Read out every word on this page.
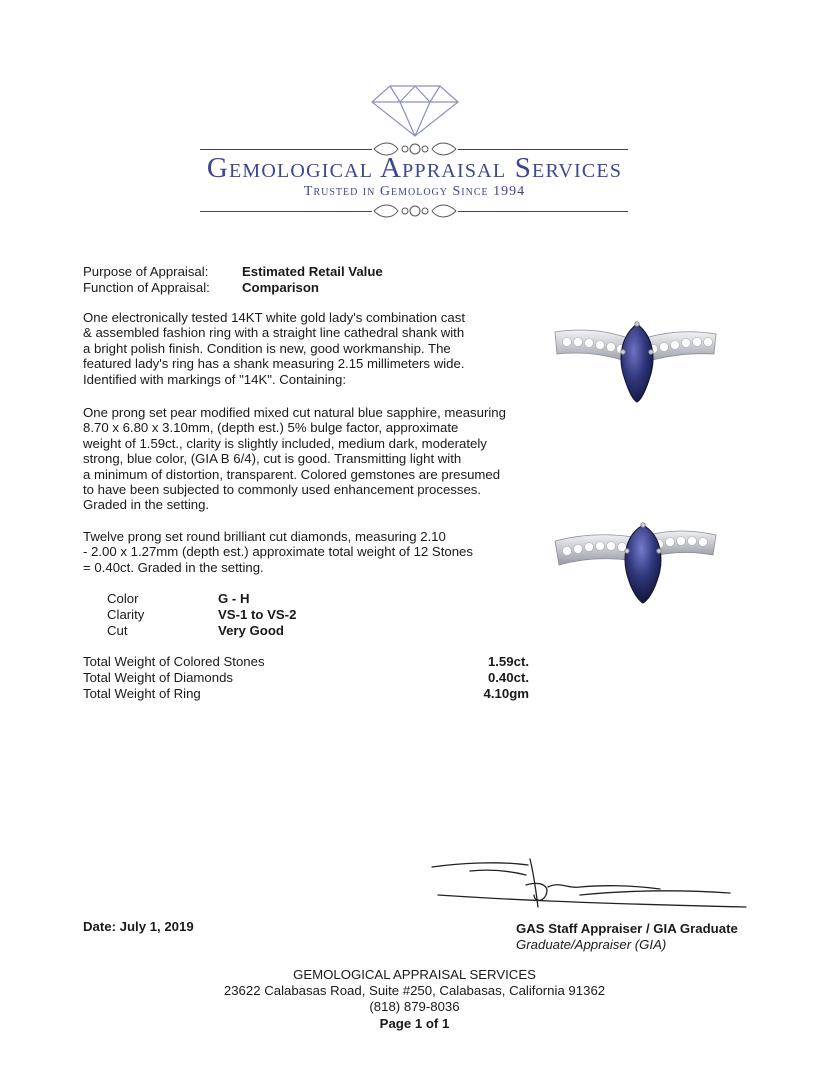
Gemological Appraisal Services
Trusted in Gemology Since 1994
Purpose of Appraisal:	Estimated Retail Value
Function of Appraisal: Comparison
One electronically tested 14KT white gold lady's combination cast
& assembled fashion ring with a straight line cathedral shank with
a bright polish finish. Condition is new, good workmanship. The
featured lady's ring has a shank measuring 2.15 millimeters wide.
Identified with markings of "14K". Containing:
One prong set pear modified mixed cut natural blue sapphire, measuring
8.70 x 6.80 x 3.10mm, (depth est.) 5% bulge factor, approximate
weight of 1.59ct., clarity is slightly included, medium dark, moderately
strong, blue color, (GIA B 6/4), cut is good. Transmitting light with
a minimum of distortion, transparent. Colored gemstones are presumed
to have been subjected to commonly used enhancement processes.
Graded in the setting.
Twelve prong set round brilliant cut diamonds, measuring 2.10
- 2.00 x 1.27mm (depth est.) approximate total weight of 12 Stones
= 0.40ct. Graded in the setting.
Color	G - H
Clarity	VS-1 to VS-2
Cut	Very Good
Total Weight of Colored Stones	1.59ct.
Total Weight of Diamonds	0.40ct.
Total Weight of Ring	4.10gm
Date: July 1, 2019	GAS Staff Appraiser / GIA Graduate
Graduate/Appraiser (GIA)
GEMOLOGICAL APPRAISAL SERVICES
23622 Calabasas Road, Suite #250, Calabasas, California 91362
(818) 879-8036
Page 1 of 1
